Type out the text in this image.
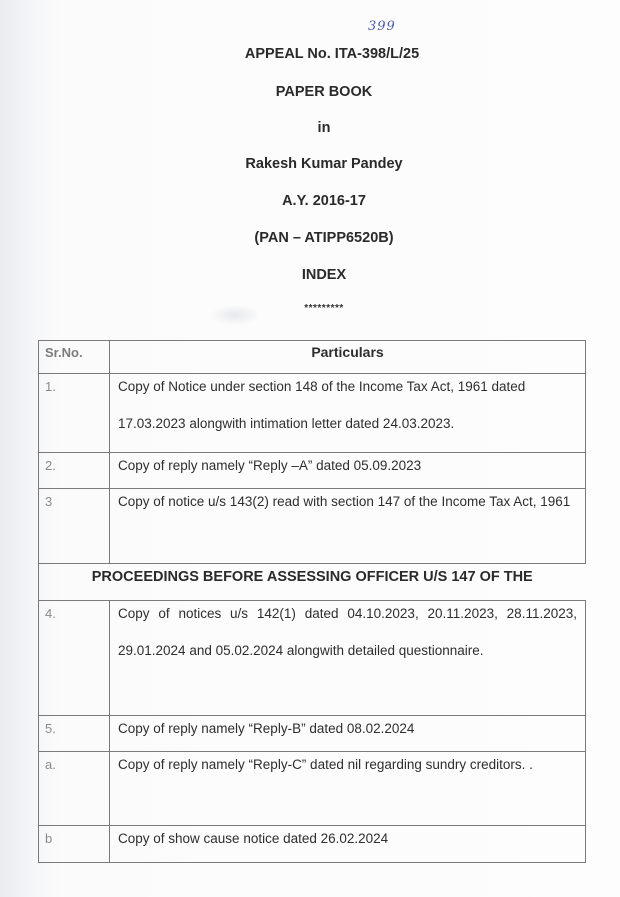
399
APPEAL No. ITA-398/L/25
PAPER BOOK
in
Rakesh Kumar Pandey
A.Y. 2016-17
(PAN – ATIPP6520B)
INDEX
*********
Sr.No.	Particulars
1.	Copy of Notice under section 148 of the Income Tax Act, 1961 dated 17.03.2023 alongwith intimation letter dated 24.03.2023.

2.	Copy of reply namely “Reply –A” dated 05.09.2023

3	Copy of notice u/s 143(2) read with section 147 of the Income Tax Act, 1961

PROCEEDINGS BEFORE ASSESSING OFFICER U/S 147 OF THE	
4.	Copy of notices u/s 142(1) dated 04.10.2023, 20.11.2023, 28.11.2023, 29.01.2024 and 05.02.2024 alongwith detailed questionnaire.

5.	Copy of reply namely “Reply-B” dated 08.02.2024

a.	Copy of reply namely “Reply-C” dated nil regarding sundry creditors. .

b	Copy of show cause notice dated 26.02.2024
